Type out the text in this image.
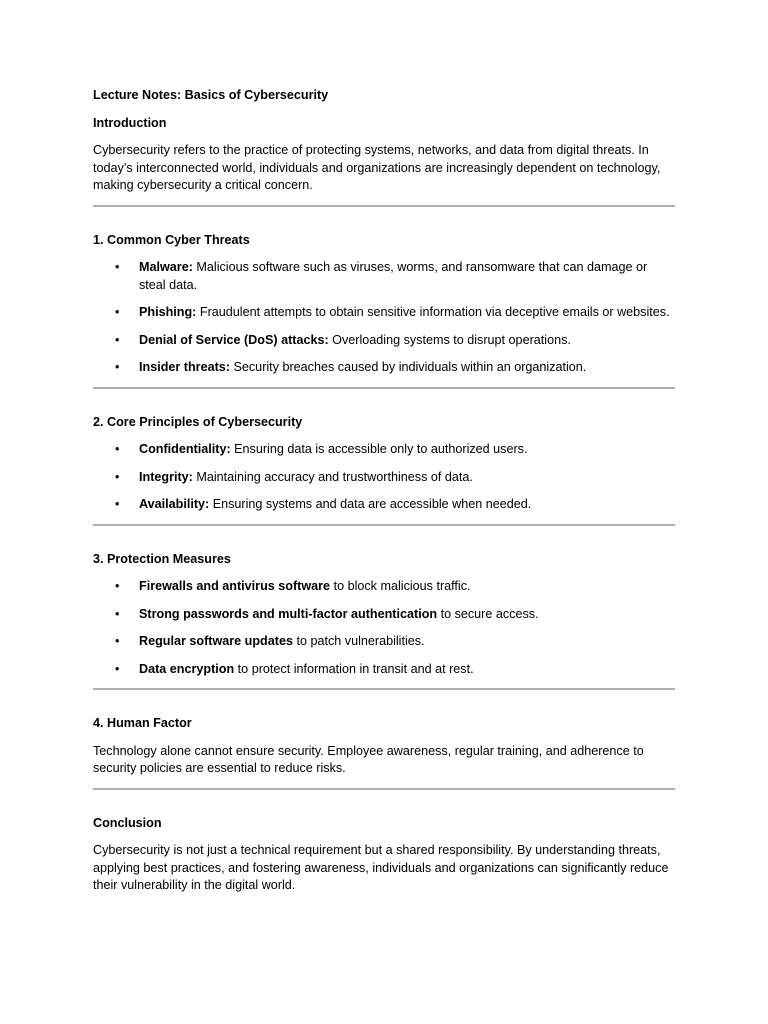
Lecture Notes: Basics of Cybersecurity
Introduction
Cybersecurity refers to the practice of protecting systems, networks, and data from digital threats. In today’s interconnected world, individuals and organizations are increasingly dependent on technology, making cybersecurity a critical concern.
1. Common Cyber Threats
• Malware: Malicious software such as viruses, worms, and ransomware that can damage or steal data.
• Phishing: Fraudulent attempts to obtain sensitive information via deceptive emails or websites.
• Denial of Service (DoS) attacks: Overloading systems to disrupt operations.
• Insider threats: Security breaches caused by individuals within an organization.
2. Core Principles of Cybersecurity
• Confidentiality: Ensuring data is accessible only to authorized users.
• Integrity: Maintaining accuracy and trustworthiness of data.
• Availability: Ensuring systems and data are accessible when needed.
3. Protection Measures
• Firewalls and antivirus software to block malicious traffic.
• Strong passwords and multi-factor authentication to secure access.
• Regular software updates to patch vulnerabilities.
• Data encryption to protect information in transit and at rest.
4. Human Factor
Technology alone cannot ensure security. Employee awareness, regular training, and adherence to security policies are essential to reduce risks.
Conclusion
Cybersecurity is not just a technical requirement but a shared responsibility. By understanding threats, applying best practices, and fostering awareness, individuals and organizations can significantly reduce their vulnerability in the digital world.
